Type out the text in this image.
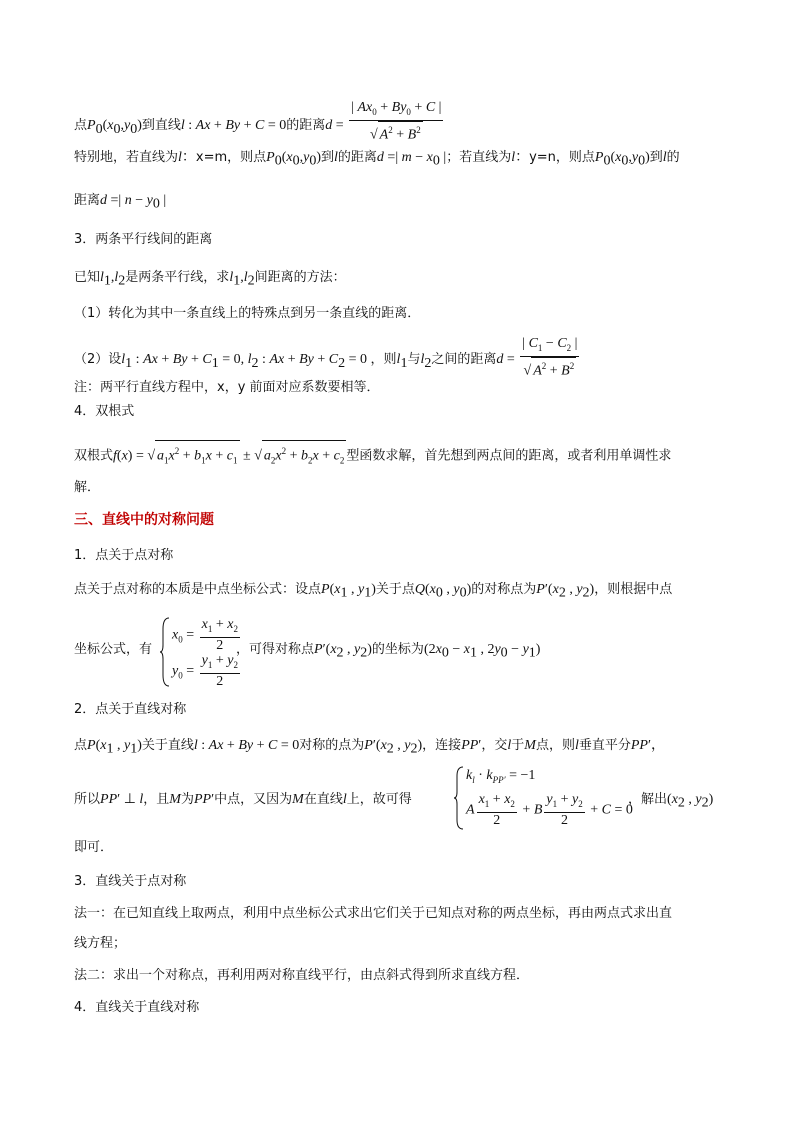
点$P_0(x_0,y_0)$到直线l : Ax + By + C = 0的距离$d = \frac{| Ax_0 + By_0 + C |}{√ A^2 + B^2}$
特别地，若直线为l：x=m，则点$P_0(x_0,y_0)$到l的距离d =| $m - x_0$ |；若直线为l：y=n，则点$P_0(x_0,y_0)$到l的
距离d =| $n - y_0$ |
3．两条平行线间的距离
已知$l_1,l_2$是两条平行线，求$l_1,l_2$间距离的方法：
（1）转化为其中一条直线上的特殊点到另一条直线的距离．
（2）设$l_1$ : $Ax + By + C_1 = 0$, $l_2$ : $Ax + By + C_2 = 0$ ，则$l_1$与$l_2$之间的距离$d = \frac{| C_1 - C_2 |}{√ A^2 + B^2}$
注：两平行直线方程中，x，y 前面对应系数要相等．
4．双根式
双根式f(x) = √ $a_1x^2 + b_1x + c_1$ ± √ $a_2x^2 + b_2x + c_2$ 型函数求解，首先想到两点间的距离，或者利用单调性求
解．
三、直线中的对称问题
1．点关于点对称
点关于点对称的本质是中点坐标公式：设点$P(x_1$ , $y_1$)关于点$Q(x_0$ , $y_0$)的对称点为$P'(x_2$ , $y_2$)，则根据中点
坐标公式，有
$x_0 = \frac{x_1 + x_2}{2}$
$y_0 = \frac{y_1 + y_2}{2}$
，可得对称点$P'(x_2$ , $y_2$)的坐标为($2x_0 - x_1$ , $2y_0 - y_1$)
2．点关于直线对称
点$P(x_1$ , $y_1$)关于直线l : Ax + By + C = 0对称的点为$P'(x_2$ , $y_2$)，连接PP′，交l于M点，则l垂直平分PP′，
所以PP′ ⊥ l，且M为PP′中点，又因为M在直线l上，故可得
$k_l \cdot k_{PP'} = -1$
A $\frac{x_1 + x_2}{2} + B \frac{y_1 + y_2}{2} + C = 0$
，解出($x_2$ , $y_2$)
即可．
3．直线关于点对称
法一：在已知直线上取两点，利用中点坐标公式求出它们关于已知点对称的两点坐标，再由两点式求出直
线方程；
法二：求出一个对称点，再利用两对称直线平行，由点斜式得到所求直线方程．
4．直线关于直线对称
